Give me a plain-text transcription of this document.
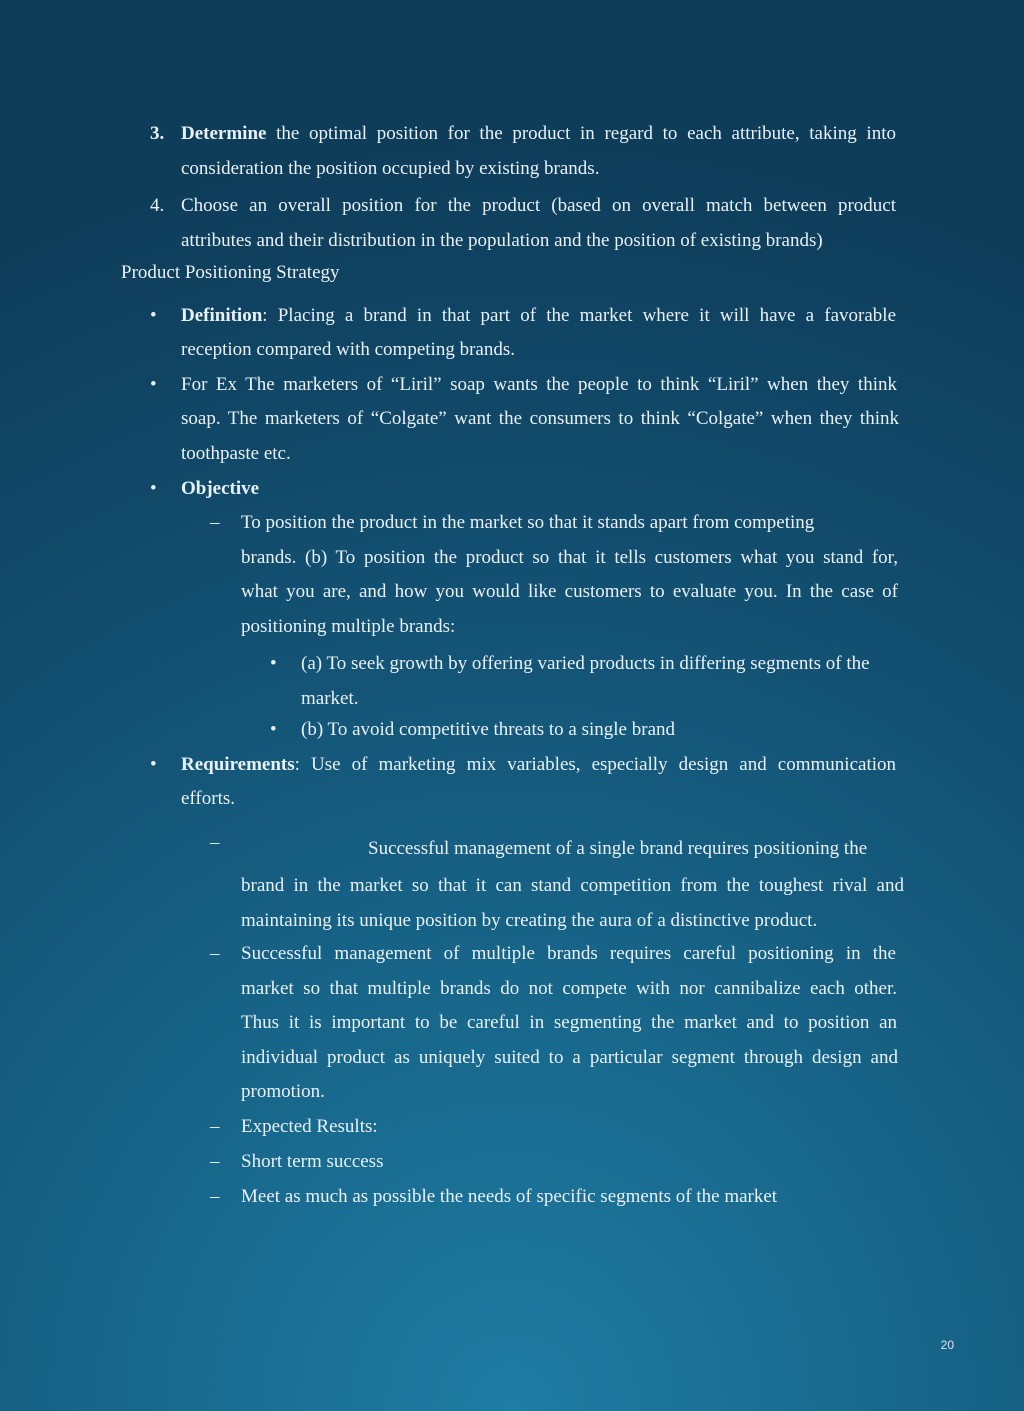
3. Determine the optimal position for the product in regard to each attribute, taking into
consideration the position occupied by existing brands.
4. Choose an overall position for the product (based on overall match between product
attributes and their distribution in the population and the position of existing brands)
Product Positioning Strategy
• Definition: Placing a brand in that part of the market where it will have a favorable
reception compared with competing brands.
• For Ex The marketers of “Liril” soap wants the people to think “Liril” when they think
soap. The marketers of “Colgate” want the consumers to think “Colgate” when they think
toothpaste etc.
• Objective
– To position the product in the market so that it stands apart from competing
brands. (b) To position the product so that it tells customers what you stand for,
what you are, and how you would like customers to evaluate you. In the case of
positioning multiple brands:
• (a) To seek growth by offering varied products in differing segments of the
market.
• (b) To avoid competitive threats to a single brand
• Requirements: Use of marketing mix variables, especially design and communication
efforts.
–	Successful management of a single brand requires positioning the
brand in the market so that it can stand competition from the toughest rival and
maintaining its unique position by creating the aura of a distinctive product.
– Successful management of multiple brands requires careful positioning in the
market so that multiple brands do not compete with nor cannibalize each other.
Thus it is important to be careful in segmenting the market and to position an
individual product as uniquely suited to a particular segment through design and
promotion.
– Expected Results:
– Short term success
– Meet as much as possible the needs of specific segments of the market
20
